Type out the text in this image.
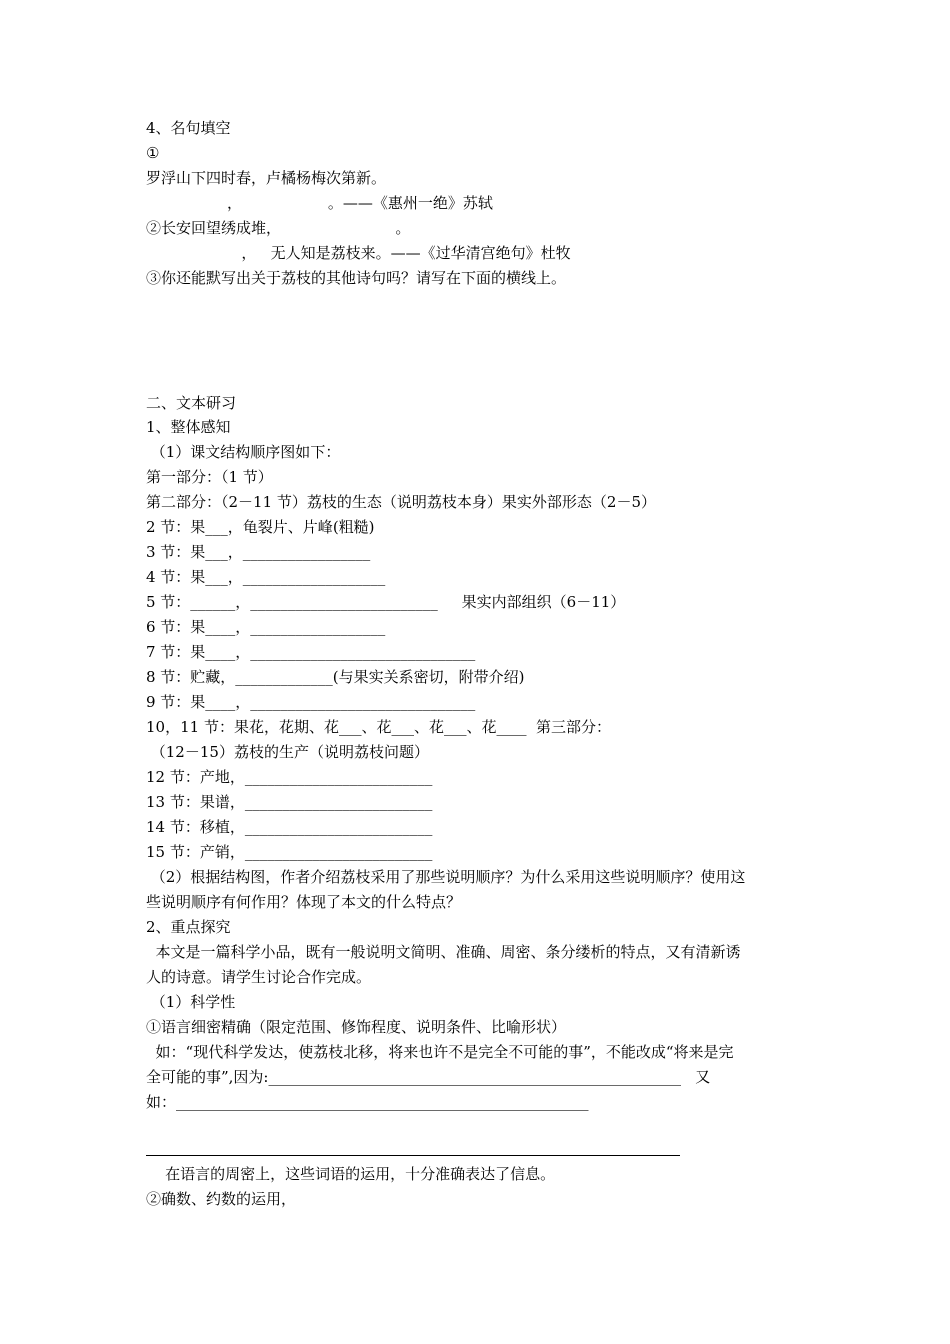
4、名句填空
①
罗浮山下四时春，卢橘杨梅次第新。
，                  。——《惠州一绝》苏轼
②长安回望绣成堆，                        。
，   无人知是荔枝来。——《过华清宫绝句》杜牧
③你还能默写出关于荔枝的其他诗句吗？请写在下面的横线上。
二、文本研习
1、整体感知
（1）课文结构顺序图如下：
第一部分：（1 节）
第二部分：（2－11 节）荔枝的生态（说明荔枝本身）果实外部形态（2－5）
2 节：果___，龟裂片、片峰(粗糙)
3 节：果___，_________________
4 节：果___，___________________
5 节：______，_________________________     果实内部组织（6－11）
6 节：果____，__________________
7 节：果____，______________________________
8 节：贮藏，_____________(与果实关系密切，附带介绍)
9 节：果____，______________________________
10，11 节：果花，花期、花___、花___、花___、花____  第三部分：
（12－15）荔枝的生产（说明荔枝问题）
12 节：产地，_________________________
13 节：果谱，_________________________
14 节：移植，_________________________
15 节：产销，_________________________
（2）根据结构图，作者介绍荔枝采用了那些说明顺序？为什么采用这些说明顺序？使用这
些说明顺序有何作用？体现了本文的什么特点？
2、重点探究
本文是一篇科学小品，既有一般说明文简明、准确、周密、条分缕析的特点，又有清新诱
人的诗意。请学生讨论合作完成。
（1）科学性
①语言细密精确（限定范围、修饰程度、说明条件、比喻形状）
如：“现代科学发达，使荔枝北移，将来也许不是完全不可能的事”，不能改成“将来是完
全可能的事”,因为:_______________________________________________________   又
如：_______________________________________________________
在语言的周密上，这些词语的运用，十分准确表达了信息。
②确数、约数的运用，
